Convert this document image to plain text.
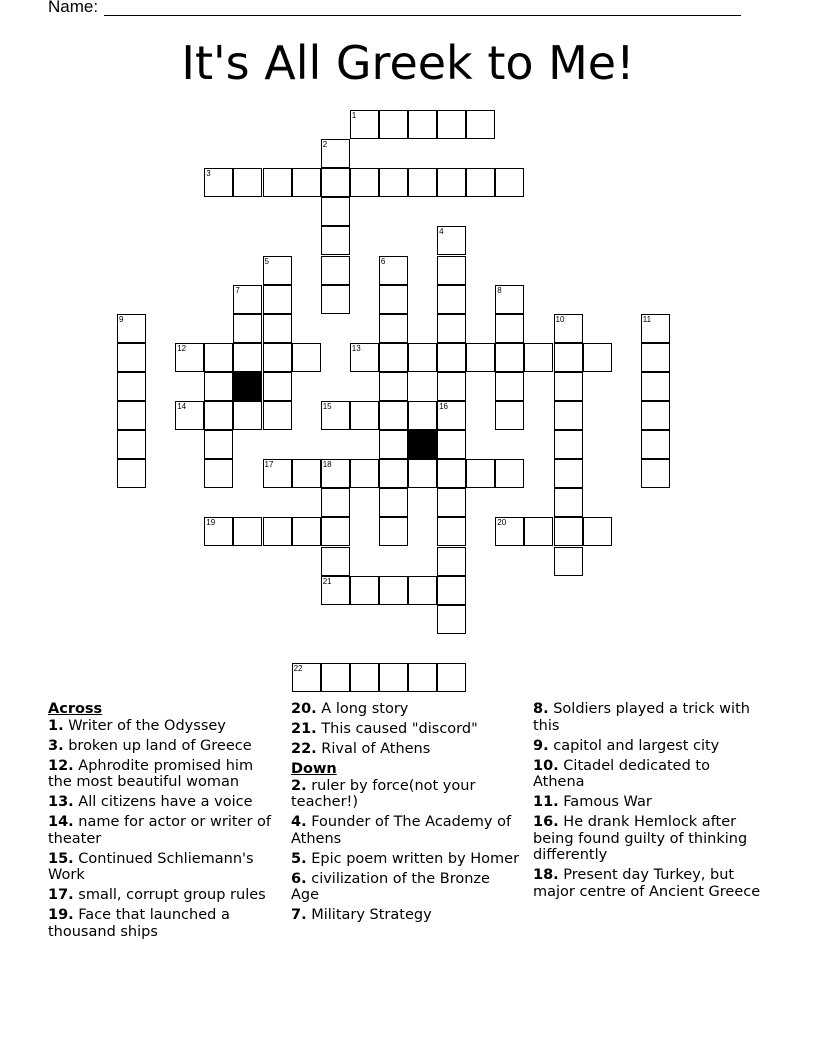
Name:
It's All Greek to Me!
1
2
3
4
5	6
7	8
9	10	11
12	13
14	15	16
17	18
19	20
21
22
Across
1. Writer of the Odyssey
3. broken up land of Greece
12. Aphrodite promised him the most beautiful woman
13. All citizens have a voice
14. name for actor or writer of theater
15. Continued Schliemann's Work
17. small, corrupt group rules
19. Face that launched a thousand ships
20. A long story
21. This caused "discord"
22. Rival of Athens
Down
2. ruler by force(not your teacher!)
4. Founder of The Academy of Athens
5. Epic poem written by Homer
6. civilization of the Bronze Age
7. Military Strategy
8. Soldiers played a trick with this
9. capitol and largest city
10. Citadel dedicated to Athena
11. Famous War
16. He drank Hemlock after being found guilty of thinking differently
18. Present day Turkey, but major centre of Ancient Greece
